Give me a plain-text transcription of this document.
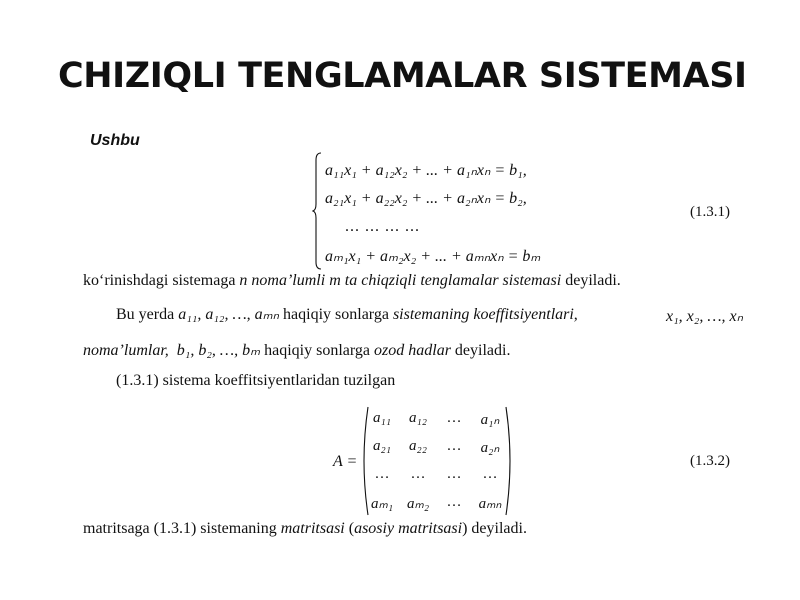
CHIZIQLI TENGLAMALAR SISTEMASI
Ushbu
a₁₁x₁ + a₁₂x₂ + ... + a₁ₙxₙ = b₁,
a₂₁x₁ + a₂₂x₂ + ... + a₂ₙxₙ = b₂,
... ... ... ...
aₘ₁x₁ + aₘ₂x₂ + ... + aₘₙxₙ = bₘ
(1.3.1)
ko‘rinishdagi sistemaga n noma’lumli m ta chiqziqli tenglamalar sistemasi deyiladi.
Bu yerda a₁₁, a₁₂, …, aₘₙ haqiqiy sonlarga sistemaning koeffitsiyentlari,	x₁, x₂, …, xₙ
noma’lumlar, b₁, b₂, …, bₘ haqiqiy sonlarga ozod hadlar deyiladi.
(1.3.1) sistema koeffitsiyentlaridan tuzilgan
A =
a₁₁	a₁₂	…	a₁ₙ
a₂₁	a₂₂	…	a₂ₙ
…	…	…	…
aₘ₁ aₘ₂	…	aₘₙ
(1.3.2)
matritsaga (1.3.1) sistemaning matritsasi (asosiy matritsasi) deyiladi.
